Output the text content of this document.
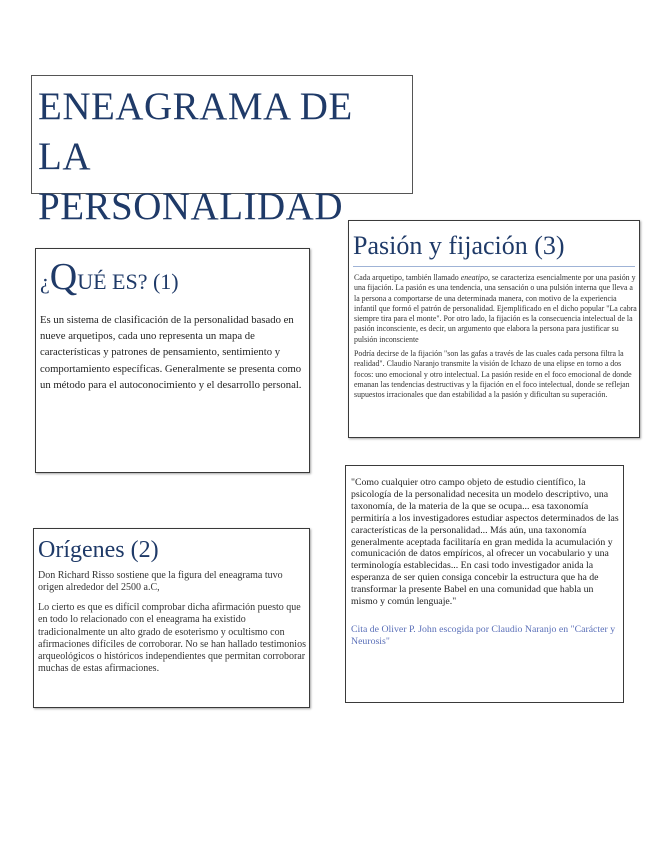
ENEAGRAMA DE LA
PERSONALIDAD
¿QUÉ ES? (1)

Es un sistema de clasificación de la personalidad basado en nueve arquetipos, cada uno representa un mapa de características y patrones de pensamiento, sentimiento y comportamiento específicas. Generalmente se presenta como un método para el autoconocimiento y el desarrollo personal.

Pasión y fijación (3)

Cada arquetipo, también llamado eneatipo, se caracteriza esencialmente por una pasión y una fijación. La pasión es una tendencia, una sensación o una pulsión interna que lleva a la persona a comportarse de una determinada manera, con motivo de la experiencia infantil que formó el patrón de personalidad. Ejemplificado en el dicho popular "La cabra siempre tira para el monte". Por otro lado, la fijación es la consecuencia intelectual de la pasión inconsciente, es decir, un argumento que elabora la persona para justificar su pulsión inconsciente

Podría decirse de la fijación "son las gafas a través de las cuales cada persona filtra la realidad". Claudio Naranjo transmite la visión de Ichazo de una elipse en torno a dos focos: uno emocional y otro intelectual. La pasión reside en el foco emocional de donde emanan las tendencias destructivas y la fijación en el foco intelectual, donde se reflejan supuestos irracionales que dan estabilidad a la pasión y dificultan su superación.

Orígenes (2)

Don Richard Risso sostiene que la figura del eneagrama tuvo origen alrededor del 2500 a.C,

Lo cierto es que es difícil comprobar dicha afirmación puesto que en todo lo relacionado con el eneagrama ha existido tradicionalmente un alto grado de esoterismo y ocultismo con afirmaciones difíciles de corroborar. No se han hallado testimonios arqueológicos o históricos independientes que permitan corroborar muchas de estas afirmaciones.

"Como cualquier otro campo objeto de estudio científico, la psicología de la personalidad necesita un modelo descriptivo, una taxonomía, de la materia de la que se ocupa... esa taxonomía permitiría a los investigadores estudiar aspectos determinados de las características de la personalidad... Más aún, una taxonomía generalmente aceptada facilitaría en gran medida la acumulación y comunicación de datos empíricos, al ofrecer un vocabulario y una terminología establecidas... En casi todo investigador anida la esperanza de ser quien consiga concebir la estructura que ha de transformar la presente Babel en una comunidad que habla un mismo y común lenguaje."

Cita de Oliver P. John escogida por Claudio Naranjo en "Carácter y Neurosis"
